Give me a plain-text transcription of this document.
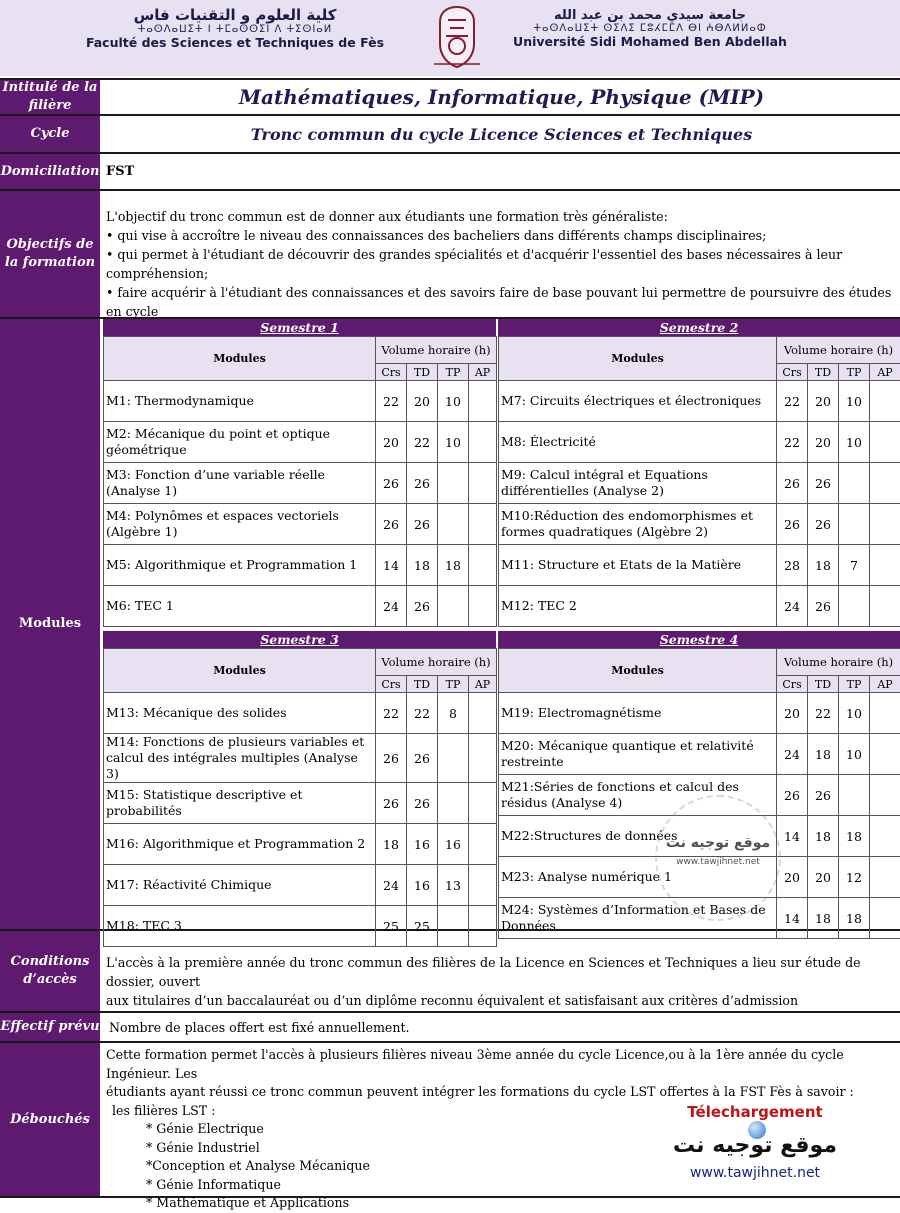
كلية العلوم و التقنيات فاس
ⵜⴰⵙⴷⴰⵡⵉⵜ ⵏ ⵜⵎⴰⵙⵙⵉⵏ ⴷ ⵜⵉⵙⵏⴰⵍ
Faculté des Sciences et Techniques de Fès
جامعة سيدي محمد بن عبد الله
ⵜⴰⵙⴷⴰⵡⵉⵜ ⵙⵉⴷⵉ ⵎⵓⵃⵎⵎⴷ ⴱⵏ ⵄⴱⴷⵍⵍⴰⵀ
Université Sidi Mohamed Ben Abdellah
Intitulé de la filière	Mathématiques, Informatique, Physique (MIP)
Cycle	Tronc commun du cycle Licence Sciences et Techniques
Domiciliation FST
Objectifs de la formation
L'objectif du tronc commun est de donner aux étudiants une formation très généraliste:
• qui vise à accroître le niveau des connaissances des bacheliers dans différents champs disciplinaires;
• qui permet à l'étudiant de découvrir des grandes spécialités et d'acquérir l'essentiel des bases nécessaires à leur compréhension;
• faire acquérir à l'étudiant des connaissances et des savoirs faire de base pouvant lui permettre de poursuivre des études en cycle
Modules
Semestre 1
Modules	Volume horaire (h)			
	Crs	TD	TP	AP
M1: Thermodynamique	22	20	10	
M2: Mécanique du point et optique géométrique	20	22	10	
M3: Fonction d’une variable réelle (Analyse 1)	26	26		
M4: Polynômes et espaces vectoriels (Algèbre 1)	26	26		
M5: Algorithmique et Programmation 1	14	18	18	
M6: TEC 1	24	26		
Semestre 2
Modules	Volume horaire (h)			
	Crs	TD	TP	AP
M7: Circuits électriques et électroniques	22	20	10	
M8: Électricité	22	20	10	
M9: Calcul intégral et Equations différentielles (Analyse 2)	26	26		
M10:Réduction des endomorphismes et formes quadratiques (Algèbre 2)	26	26		
M11: Structure et Etats de la Matière	28	18	7	
M12: TEC 2	24	26		
Semestre 3
Modules	Volume horaire (h)			
	Crs	TD	TP	AP
M13: Mécanique des solides	22	22	8	
M14: Fonctions de plusieurs variables et calcul des intégrales multiples (Analyse 3)	26	26		
M15: Statistique descriptive et probabilités	26	26		
M16: Algorithmique et Programmation 2	18	16	16	
M17: Réactivité Chimique	24	16	13	
M18: TEC 3	25	25		
Semestre 4
Modules	Volume horaire (h)			
	Crs	TD	TP	AP
M19: Electromagnétisme	20	22	10	
M20: Mécanique quantique et relativité restreinte	24	18	10	
M21:Séries de fonctions et calcul des résidus (Analyse 4)	26	26		
M22:Structures de données	14	18	18	
M23: Analyse numérique 1	20	20	12	
M24: Systèmes d’Information et Bases de Données	14	18	18	
Conditions d’accès
L'accès à la première année du tronc commun des filières de la Licence en Sciences et Techniques a lieu sur étude de dossier, ouvert
aux titulaires d’un baccalauréat ou d’un diplôme reconnu équivalent et satisfaisant aux critères d’admission
Effectif prévu Nombre de places offert est fixé annuellement.
Débouchés
Cette formation permet l'accès à plusieurs filières niveau 3ème année du cycle Licence,ou à la 1ère année du cycle Ingénieur. Les
étudiants ayant réussi ce tronc commun peuvent intégrer les formations du cycle LST offertes à la FST Fès à savoir :
les filières LST :
* Génie Electrique
* Génie Industriel
*Conception et Analyse Mécanique
* Génie Informatique
* Mathématique et Applications
Télechargement
موقع توجيه نت
www.tawjihnet.net
موقع توجيه نت
www.tawjihnet.net
